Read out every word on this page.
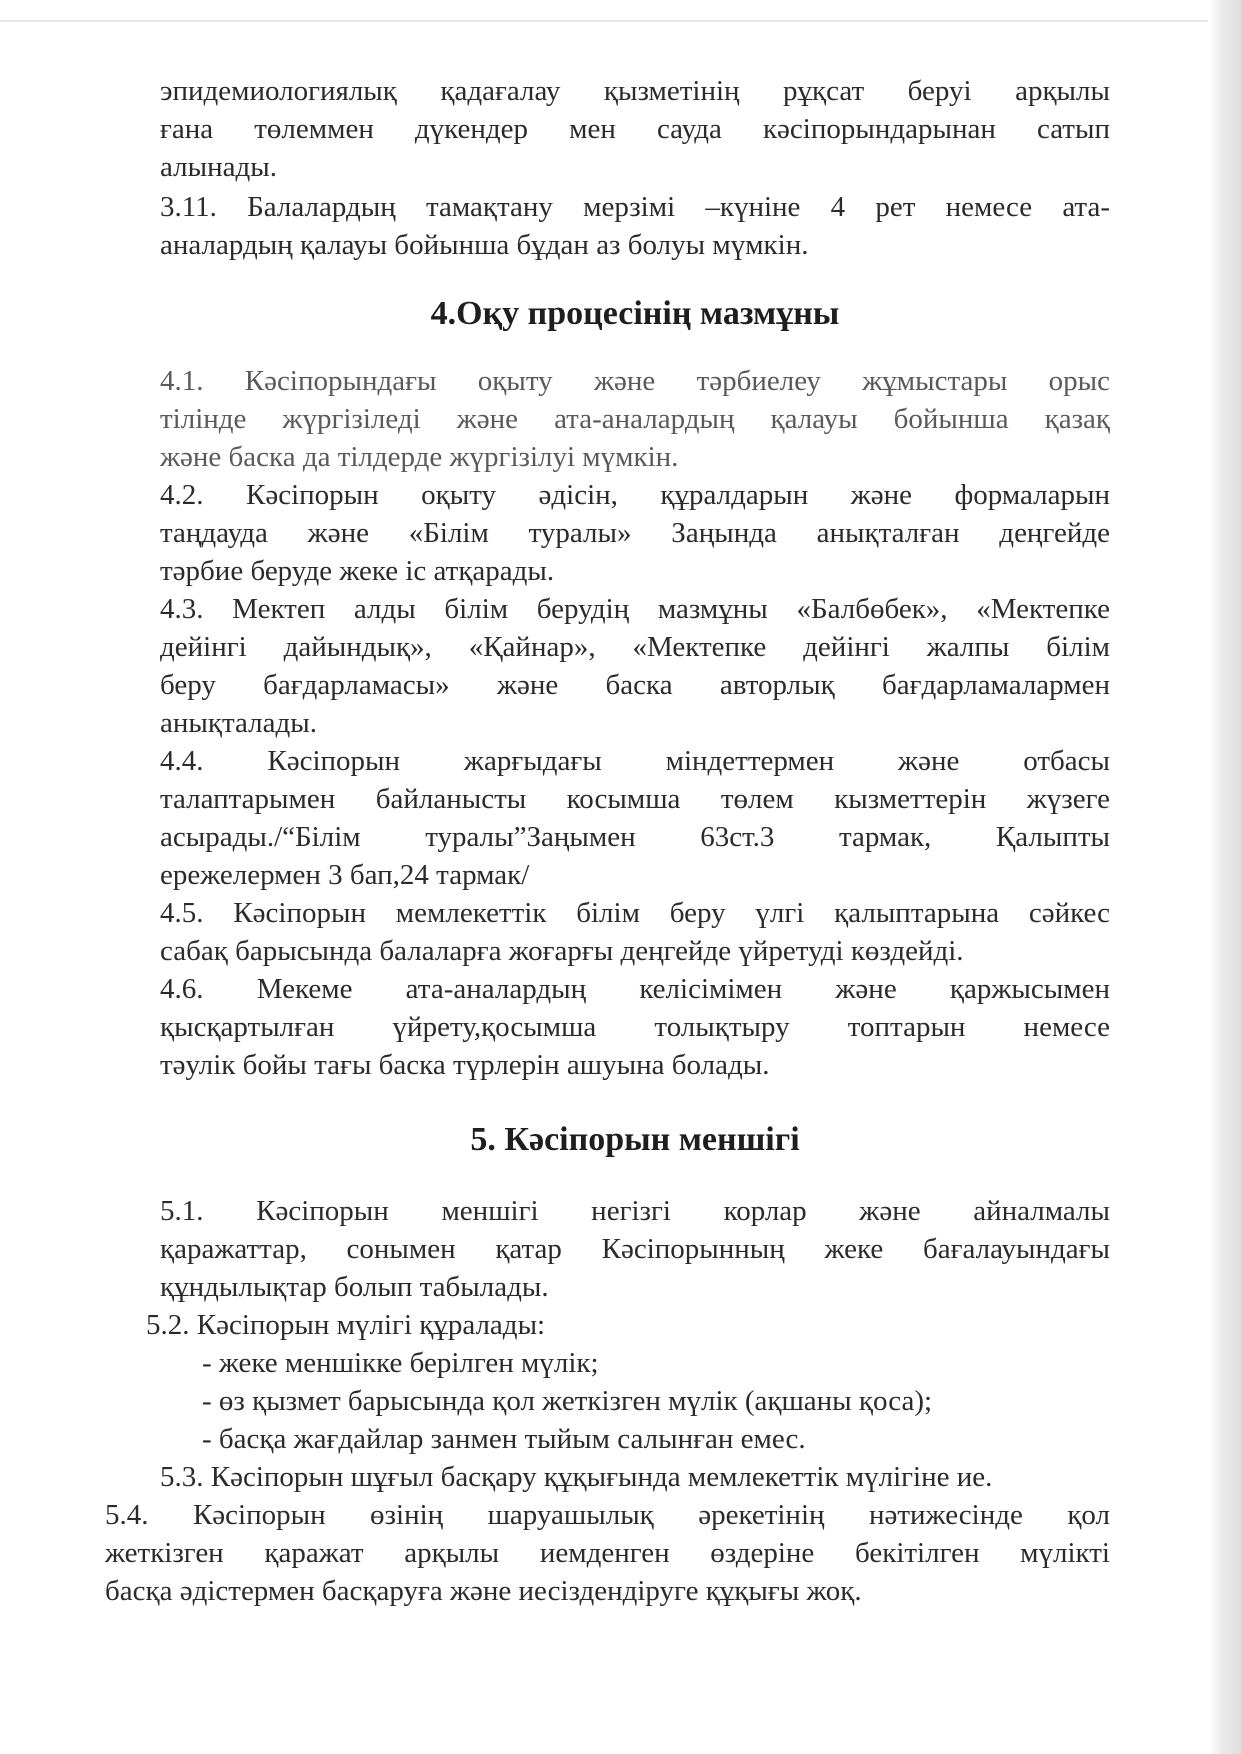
эпидемиологиялық қадағалау қызметінің рұқсат беруі арқылы

ғана төлеммен дүкендер мен сауда кәсіпорындарынан сатып

алынады.

3.11. Балалардың тамақтану мерзімі –күніне 4 рет немесе ата-

аналардың қалауы бойынша бұдан аз болуы мүмкін.

4.Оқу процесінің мазмұны

4.1. Кәсіпорындағы оқыту және тәрбиелеу жұмыстары орыс

тілінде жүргізіледі және ата-аналардың қалауы бойынша қазақ

және баска да тілдерде жүргізілуі мүмкін.

4.2. Кәсіпорын оқыту әдісін, құралдарын және формаларын

таңдауда және «Білім туралы» Заңында анықталған деңгейде

тәрбие беруде жеке іс атқарады.

4.3. Мектеп алды білім берудің мазмұны «Балбөбек», «Мектепке

дейінгі дайындық», «Қайнар», «Мектепке дейінгі жалпы білім

беру бағдарламасы» және баска авторлық бағдарламалармен

анықталады.

4.4. Кәсіпорын жарғыдағы міндеттермен және отбасы

талаптарымен байланысты косымша төлем кызметтерін жүзеге

асырады./“Білім туралы”Заңымен 63ст.3 тармак, Қалыпты

ережелермен 3 бап,24 тармак/

4.5. Кәсіпорын мемлекеттік білім беру үлгі қалыптарына сәйкес

сабақ барысында балаларға жоғарғы деңгейде үйретуді көздейді.

4.6. Мекеме ата-аналардың келісімімен және қаржысымен

қысқартылған үйрету,қосымша толықтыру топтарын немесе

тәулік бойы тағы баска түрлерін ашуына болады.

5. Кәсіпорын меншігі

5.1. Кәсіпорын меншігі негізгі корлар және айналмалы

қаражаттар, сонымен қатар Кәсіпорынның жеке бағалауындағы

құндылықтар болып табылады.

5.2. Кәсіпорын мүлігі құралады:

- жеке меншікке берілген мүлік;

- өз қызмет барысында қол жеткізген мүлік (ақшаны қоса);

- басқа жағдайлар занмен тыйым салынған емес.

5.3. Кәсіпорын шұғыл басқару құқығында мемлекеттік мүлігіне ие.

5.4. Кәсіпорын өзінің шаруашылық әрекетінің нәтижесінде қол

жеткізген қаражат арқылы иемденген өздеріне бекітілген мүлікті

басқа әдістермен басқаруға және иесіздендіруге құқығы жоқ.
